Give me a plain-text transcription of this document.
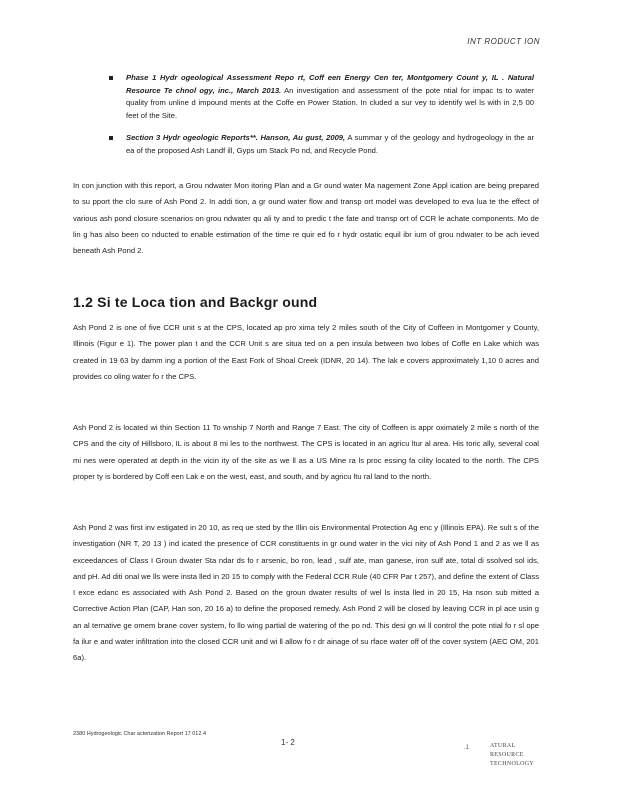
INT RODUCT ION
Phase 1 Hydr ogeological Assessment Repo rt, Coff een Energy Cen ter, Montgomery Count y, IL . Natural Resource Te chnol ogy, inc., March 2013. An investigation and assessment of the pote ntial for impac ts to water quality from unline d impound ments at the Coffe en Power Station. In cluded a sur vey to identify wel ls with in 2,5 00 feet of the Site.
Section 3 Hydr ogeologic Reports**. Hanson, Au gust, 2009, A summar y of the geology and hydrogeology in the ar ea of the proposed Ash Landf ill, Gyps um Stack Po nd, and Recycle Pond.
In con junction with this report, a Grou ndwater Mon itoring Plan and a Gr ound water Ma nagement Zone Appl ication are being prepared to su pport the clo sure of Ash Pond 2. In addi tion, a gr ound water flow and transp ort model was developed to eva lua te the effect of various ash pond closure scenarios on grou ndwater qu ali ty and to predic t the fate and transp ort of CCR le achate components. Mo de lin g has also been co nducted to enable estimation of the time re quir ed fo r hydr ostatic equil ibr ium of grou ndwater to be ach ieved beneath Ash Pond 2.
1.2 Si te Loca tion and Backgr ound
Ash Pond 2 is one of five CCR unit s at the CPS, located ap pro xima tely 2 miles south of the City of Coffeen in Montgomer y County, Illinois (Figur e 1). The power plan t and the CCR Unit s are situa ted on a pen insula between two lobes of Coffe en Lake which was created in 19 63 by damm ing a portion of the East Fork of Shoal Creek (IDNR, 20 14). The lak e covers approximately 1,10 0 acres and provides co oling water fo r the CPS.
Ash Pond 2 is located wi thin Section 11 To wnship 7 North and Range 7 East. The city of Coffeen is appr oximately 2 mile s north of the CPS and the city of Hillsboro, IL is about 8 mi les to the northwest. The CPS is located in an agricu ltur al area. His toric ally, several coal mi nes were operated at depth in the vicin ity of the site as we ll as a US Mine ra ls proc essing fa cility located to the north. The CPS proper ty is bordered by Coff een Lak e on the west, east, and south, and by agricu ltu ral land to the north.
Ash Pond 2 was first inv estigated in 20 10, as req ue sted by the Illin ois Environmental Protection Ag enc y (Illinois EPA). Re sult s of the investigation (NR T, 20 13 ) ind icated the presence of CCR constituents in gr ound water in the vici nity of Ash Pond 1 and 2 as we ll as exceedances of Class I Groun dwater Sta ndar ds fo r arsenic, bo ron, lead , sulf ate, man ganese, iron sulf ate, total di ssolved sol ids, and pH. Ad diti onal we lls were insta lled in 20 15 to comply with the Federal CCR Rule (40 CFR Par t 257), and define the extent of Class I exce edanc es associated with Ash Pond 2. Based on the groun dwater results of wel ls insta lled in 20 15, Ha nson sub mitted a Corrective Action Plan (CAP, Han son, 20 16 a) to define the proposed remedy. Ash Pond 2 will be closed by leaving CCR in pl ace usin g an al ternative ge omem brane cover system, fo llo wing partial de watering of the po nd. This desi gn wi ll control the pote ntial fo r sl ope fa ilur e and water infiltration into the closed CCR unit and wi ll allow fo r dr ainage of su rface water off of the cover system (AEC OM, 201 6a).
2380 Hydrogeologic Char acterization Report 17 012 4
1- 2
.1	ATURAL
RESOURCE
TECHNOLOGY
